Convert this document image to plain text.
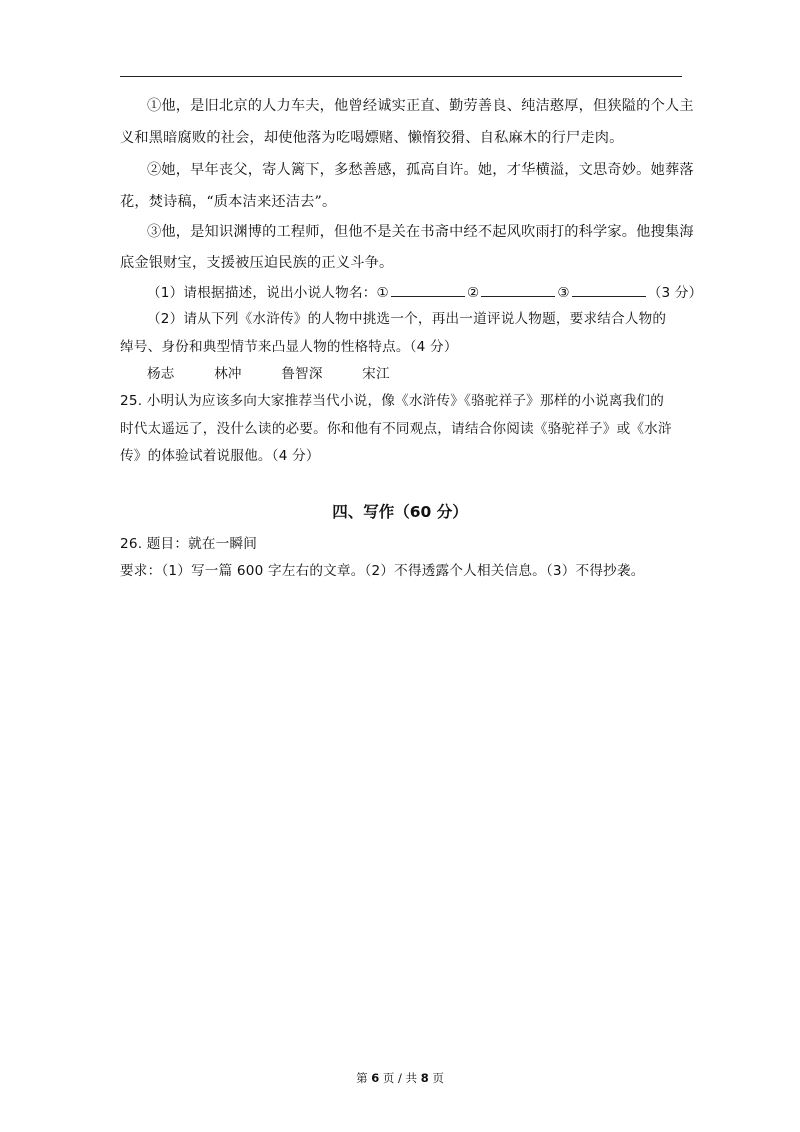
①他，是旧北京的人力车夫，他曾经诚实正直、勤劳善良、纯洁憨厚，但狭隘的个人主
义和黑暗腐败的社会，却使他落为吃喝嫖赌、懒惰狡猾、自私麻木的行尸走肉。
②她，早年丧父，寄人篱下，多愁善感，孤高自许。她，才华横溢，文思奇妙。她葬落
花，焚诗稿，“质本洁来还洁去”。
③他，是知识渊博的工程师，但他不是关在书斋中经不起风吹雨打的科学家。他搜集海
底金银财宝，支援被压迫民族的正义斗争。
（1）请根据描述，说出小说人物名：①	②	③	（3 分）
（2）请从下列《水浒传》的人物中挑选一个，再出一道评说人物题，要求结合人物的
绰号、身份和典型情节来凸显人物的性格特点。（4 分）
杨志	林冲	鲁智深	宋江
25. 小明认为应该多向大家推荐当代小说，像《水浒传》《骆驼祥子》那样的小说离我们的
时代太遥远了，没什么读的必要。你和他有不同观点，请结合你阅读《骆驼祥子》或《水浒
传》的体验试着说服他。（4 分）
四、写作（60 分）
26. 题目：就在一瞬间
要求：（1）写一篇 600 字左右的文章。（2）不得透露个人相关信息。（3）不得抄袭。
第 6 页 / 共 8 页
